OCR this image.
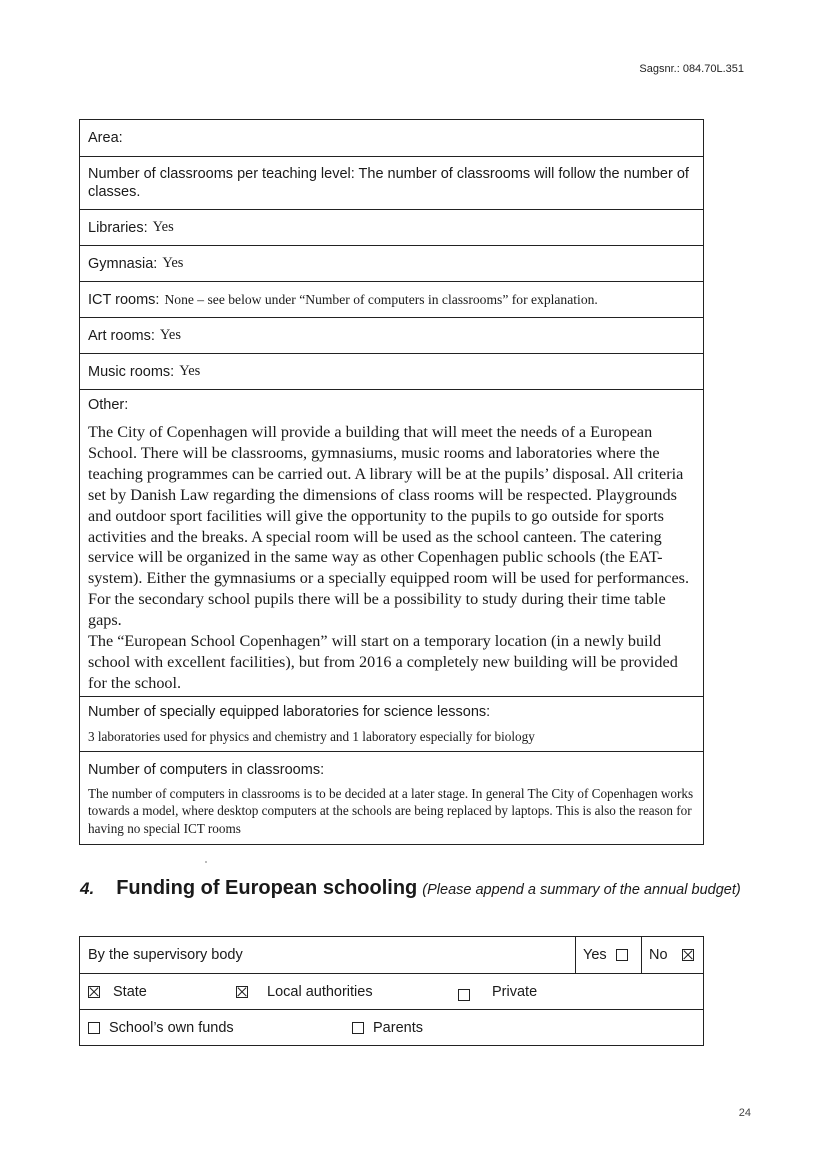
Sagsnr.: 084.70L.351
Area:
Number of classrooms per teaching level: The number of classrooms will follow the number of classes.
Libraries: Yes
Gymnasia: Yes
ICT rooms: None – see below under “Number of computers in classrooms” for explanation.
Art rooms: Yes
Music rooms: Yes
Other:

The City of Copenhagen will provide a building that will meet the needs of a European School. There will be classrooms, gymnasiums, music rooms and laboratories where the teaching programmes can be carried out. A library will be at the pupils’ disposal. All criteria set by Danish Law regarding the dimensions of class rooms will be respected. Playgrounds and outdoor sport facilities will give the opportunity to the pupils to go outside for sports activities and the breaks. A special room will be used as the school canteen. The catering service will be organized in the same way as other Copenhagen public schools (the EAT-system). Either the gymnasiums or a specially equipped room will be used for performances. For the secondary school pupils there will be a possibility to study during their time table gaps.

The “European School Copenhagen” will start on a temporary location (in a newly build school with excellent facilities), but from 2016 a completely new building will be provided for the school.

Number of specially equipped laboratories for science lessons:
3 laboratories used for physics and chemistry and 1 laboratory especially for biology
Number of computers in classrooms:
The number of computers in classrooms is to be decided at a later stage. In general The City of Copenhagen works towards a model, where desktop computers at the schools are being replaced by laptops. This is also the reason for having no special ICT rooms
4. Funding of European schooling (Please append a summary of the annual budget)
By the supervisory body	Yes	No
State	Local authorities	Private
School’s own funds	Parents
24
